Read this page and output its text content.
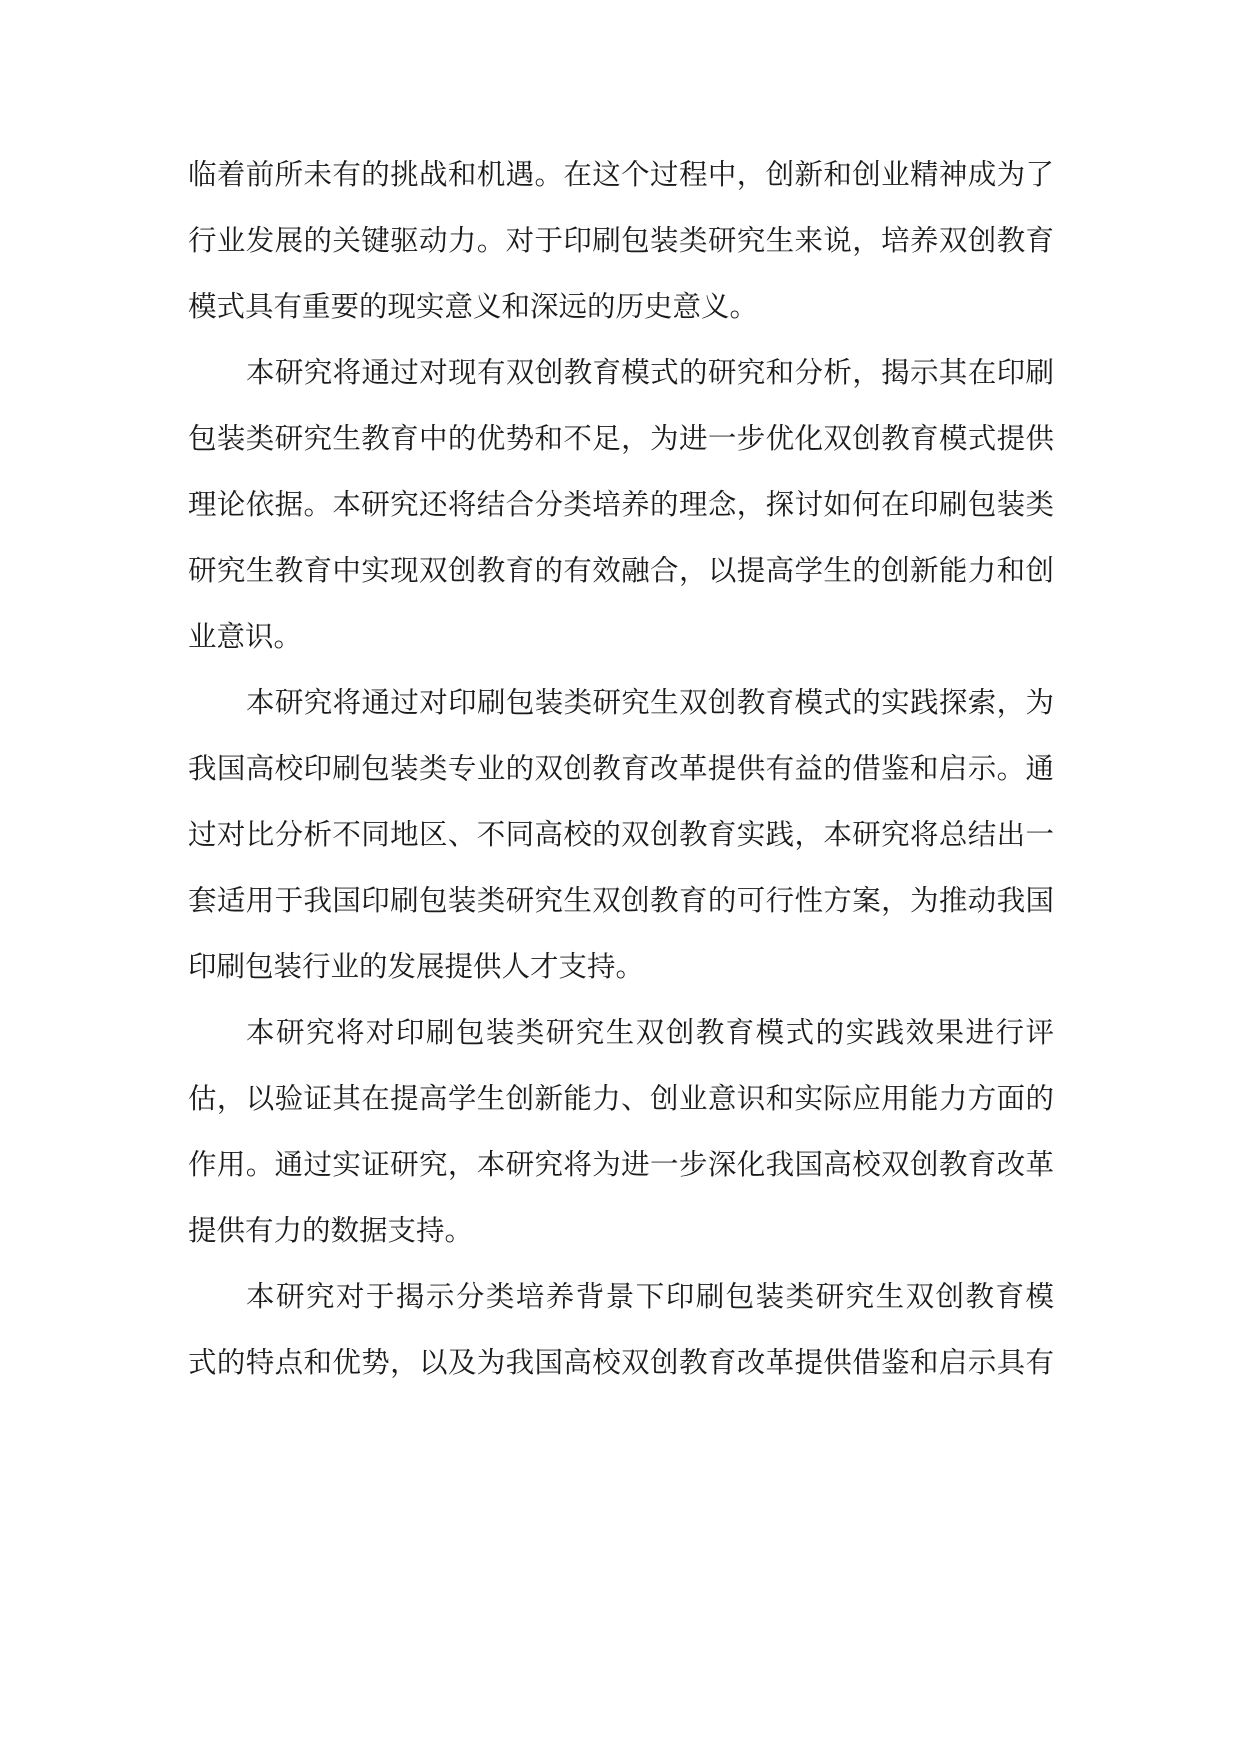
临着前所未有的挑战和机遇。在这个过程中，创新和创业精神成为了
行业发展的关键驱动力。对于印刷包装类研究生来说，培养双创教育
模式具有重要的现实意义和深远的历史意义。
本研究将通过对现有双创教育模式的研究和分析，揭示其在印刷
包装类研究生教育中的优势和不足，为进一步优化双创教育模式提供
理论依据。本研究还将结合分类培养的理念，探讨如何在印刷包装类
研究生教育中实现双创教育的有效融合，以提高学生的创新能力和创
业意识。
本研究将通过对印刷包装类研究生双创教育模式的实践探索，为
我国高校印刷包装类专业的双创教育改革提供有益的借鉴和启示。通
过对比分析不同地区、不同高校的双创教育实践，本研究将总结出一
套适用于我国印刷包装类研究生双创教育的可行性方案，为推动我国
印刷包装行业的发展提供人才支持。
本研究将对印刷包装类研究生双创教育模式的实践效果进行评
估，以验证其在提高学生创新能力、创业意识和实际应用能力方面的
作用。通过实证研究，本研究将为进一步深化我国高校双创教育改革
提供有力的数据支持。
本研究对于揭示分类培养背景下印刷包装类研究生双创教育模
式的特点和优势，以及为我国高校双创教育改革提供借鉴和启示具有
